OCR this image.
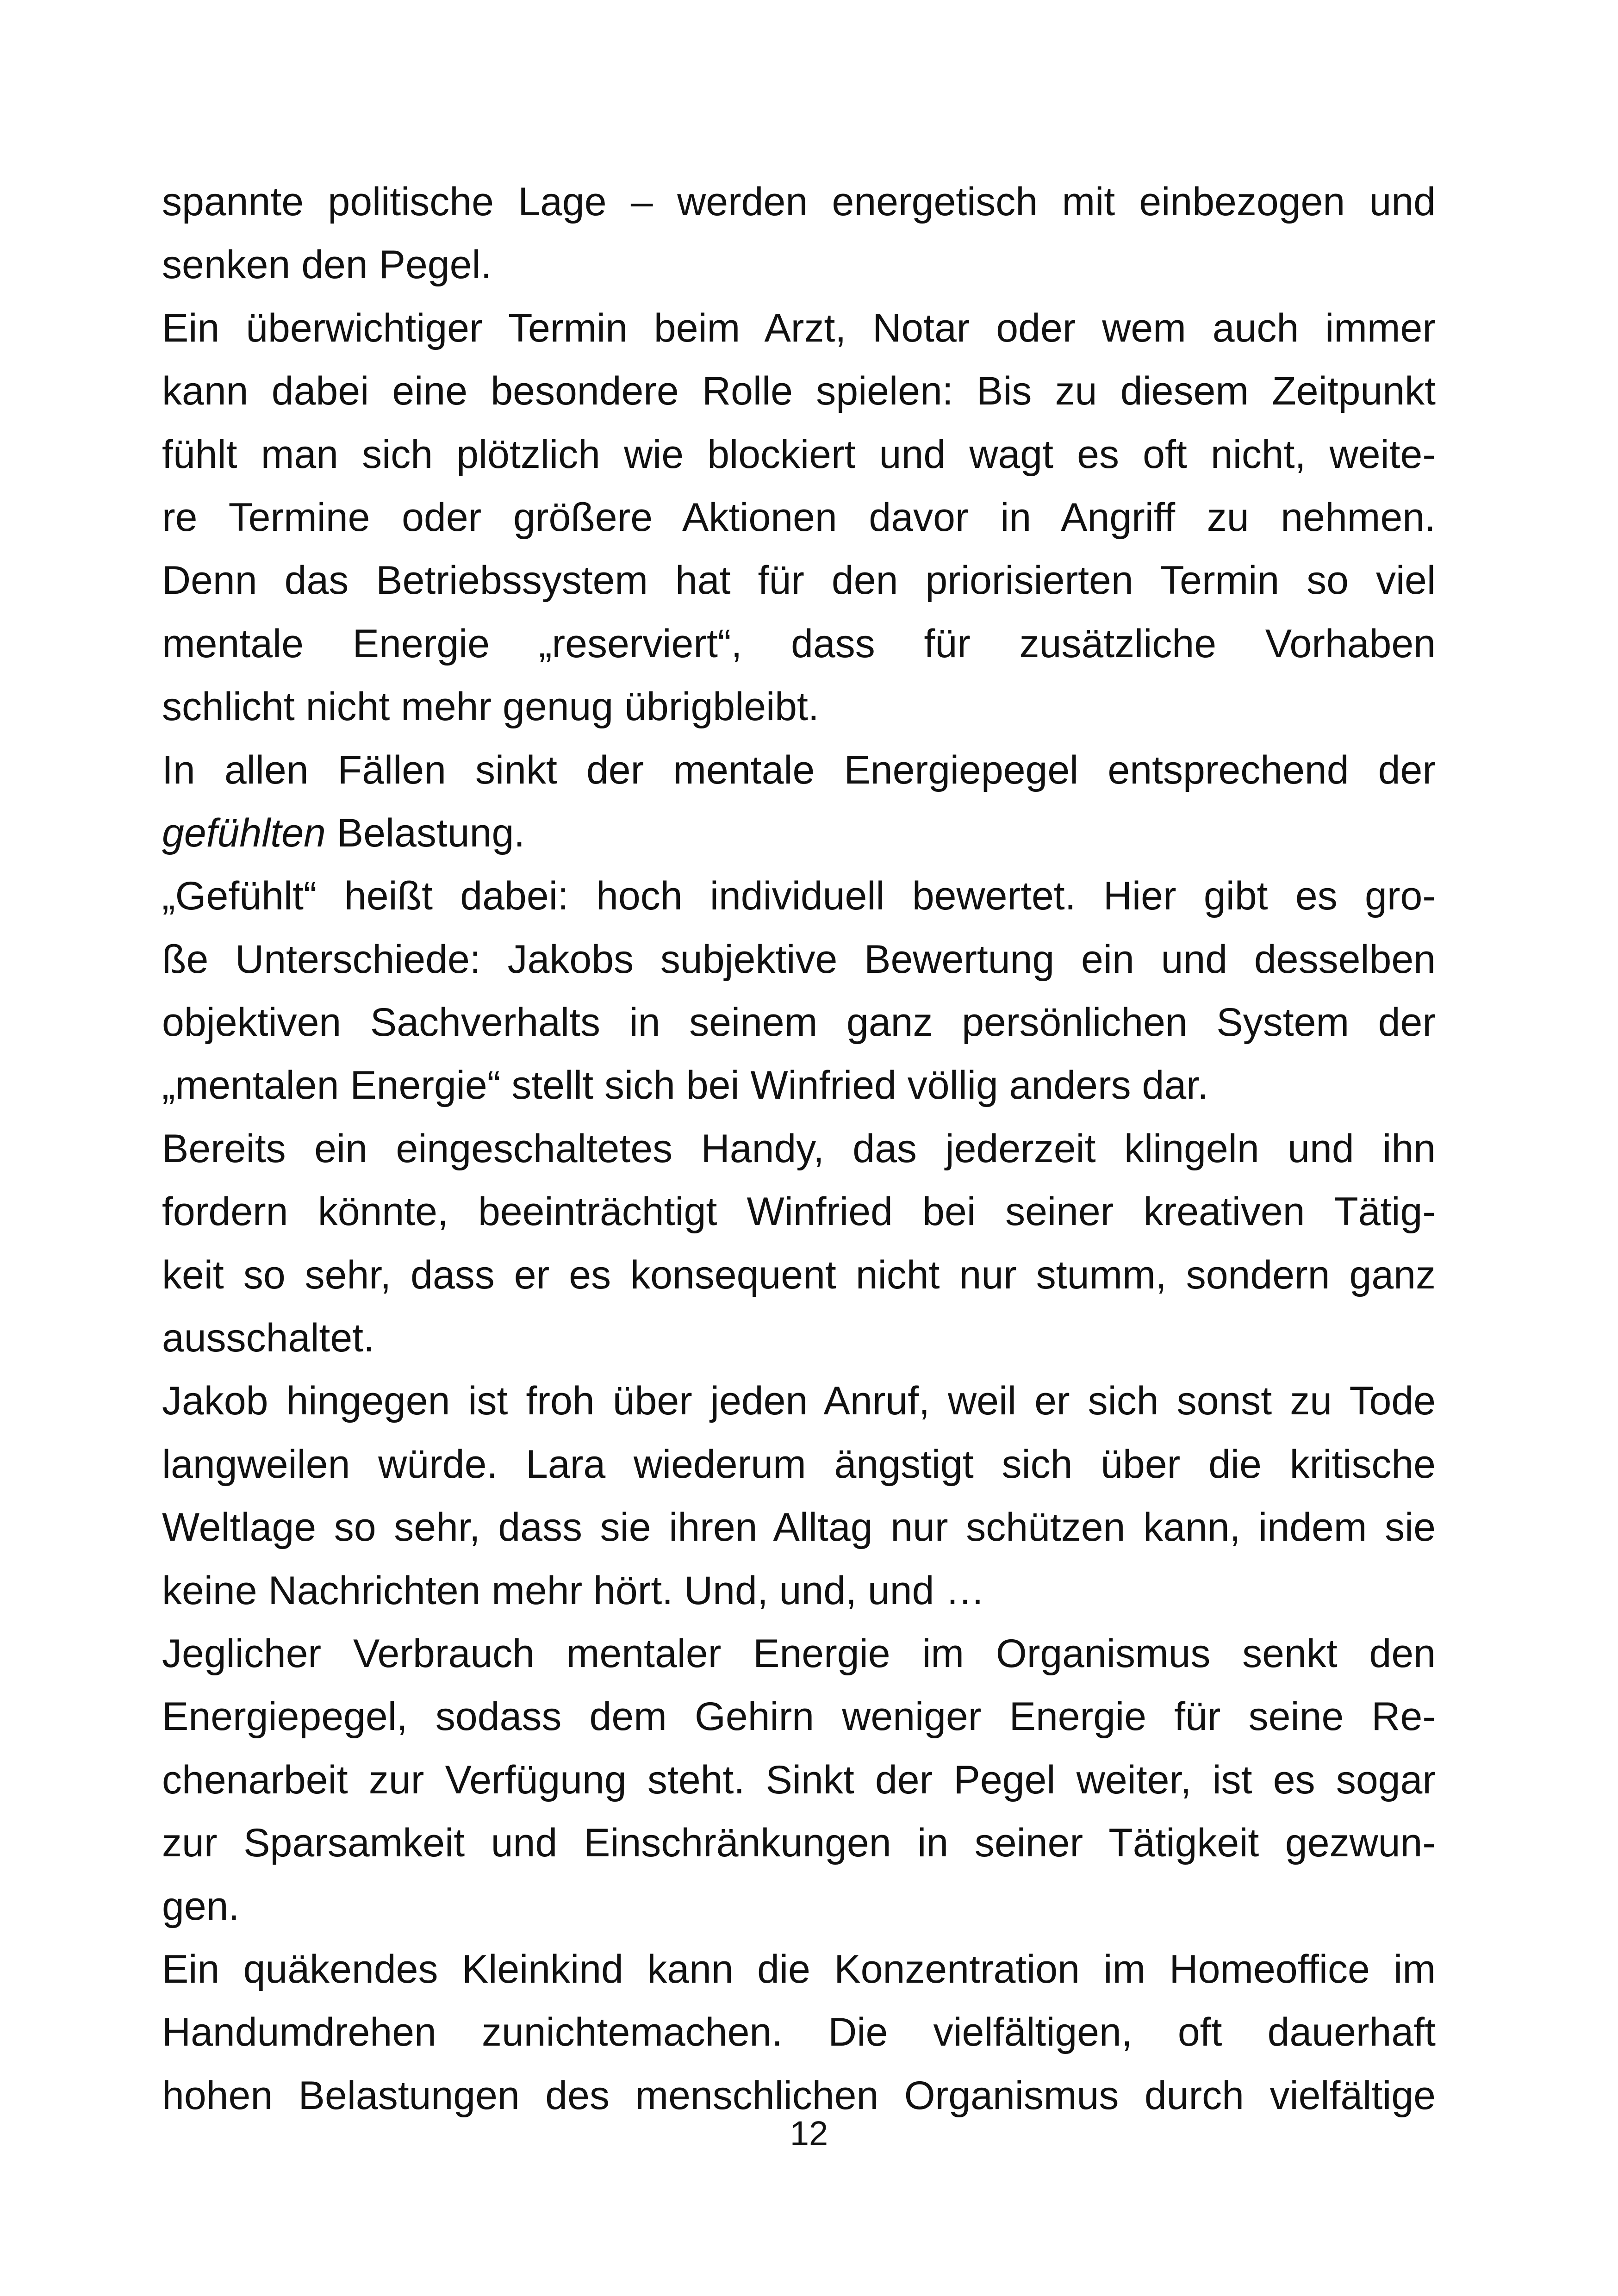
spannte politische Lage – werden energetisch mit einbezogen und
senken den Pegel.
Ein überwichtiger Termin beim Arzt, Notar oder wem auch immer
kann dabei eine besondere Rolle spielen: Bis zu diesem Zeitpunkt
fühlt man sich plötzlich wie blockiert und wagt es oft nicht, weite-
re Termine oder größere Aktionen davor in Angriff zu nehmen.
Denn das Betriebssystem hat für den priorisierten Termin so viel
mentale Energie „reserviert“, dass für zusätzliche Vorhaben
schlicht nicht mehr genug übrigbleibt.
In allen Fällen sinkt der mentale Energiepegel entsprechend der
gefühlten Belastung.
„Gefühlt“ heißt dabei: hoch individuell bewertet. Hier gibt es gro-
ße Unterschiede: Jakobs subjektive Bewertung ein und desselben
objektiven Sachverhalts in seinem ganz persönlichen System der
„mentalen Energie“ stellt sich bei Winfried völlig anders dar.
Bereits ein eingeschaltetes Handy, das jederzeit klingeln und ihn
fordern könnte, beeinträchtigt Winfried bei seiner kreativen Tätig-
keit so sehr, dass er es konsequent nicht nur stumm, sondern ganz
ausschaltet.
Jakob hingegen ist froh über jeden Anruf, weil er sich sonst zu Tode
langweilen würde. Lara wiederum ängstigt sich über die kritische
Weltlage so sehr, dass sie ihren Alltag nur schützen kann, indem sie
keine Nachrichten mehr hört. Und, und, und …
Jeglicher Verbrauch mentaler Energie im Organismus senkt den
Energiepegel, sodass dem Gehirn weniger Energie für seine Re-
chenarbeit zur Verfügung steht. Sinkt der Pegel weiter, ist es sogar
zur Sparsamkeit und Einschränkungen in seiner Tätigkeit gezwun-
gen.
Ein quäkendes Kleinkind kann die Konzentration im Homeoffice im
Handumdrehen zunichtemachen. Die vielfältigen, oft dauerhaft
hohen Belastungen des menschlichen Organismus durch vielfältige
12
